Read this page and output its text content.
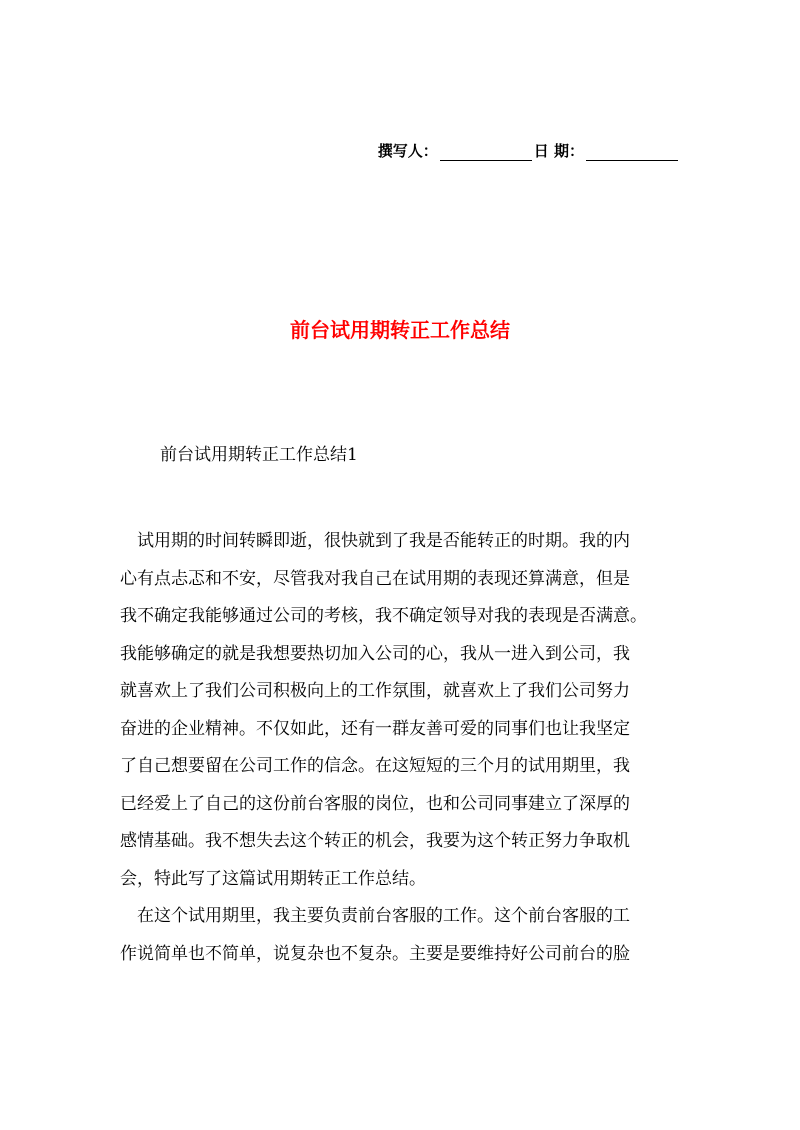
撰写人：	日 期：
前台试用期转正工作总结
前台试用期转正工作总结1
　试用期的时间转瞬即逝，很快就到了我是否能转正的时期。我的内
心有点忐忑和不安，尽管我对我自己在试用期的表现还算满意，但是
我不确定我能够通过公司的考核，我不确定领导对我的表现是否满意。
我能够确定的就是我想要热切加入公司的心，我从一进入到公司，我
就喜欢上了我们公司积极向上的工作氛围，就喜欢上了我们公司努力
奋进的企业精神。不仅如此，还有一群友善可爱的同事们也让我坚定
了自己想要留在公司工作的信念。在这短短的三个月的试用期里，我
已经爱上了自己的这份前台客服的岗位，也和公司同事建立了深厚的
感情基础。我不想失去这个转正的机会，我要为这个转正努力争取机
会，特此写了这篇试用期转正工作总结。
　在这个试用期里，我主要负责前台客服的工作。这个前台客服的工
作说简单也不简单，说复杂也不复杂。主要是要维持好公司前台的脸
